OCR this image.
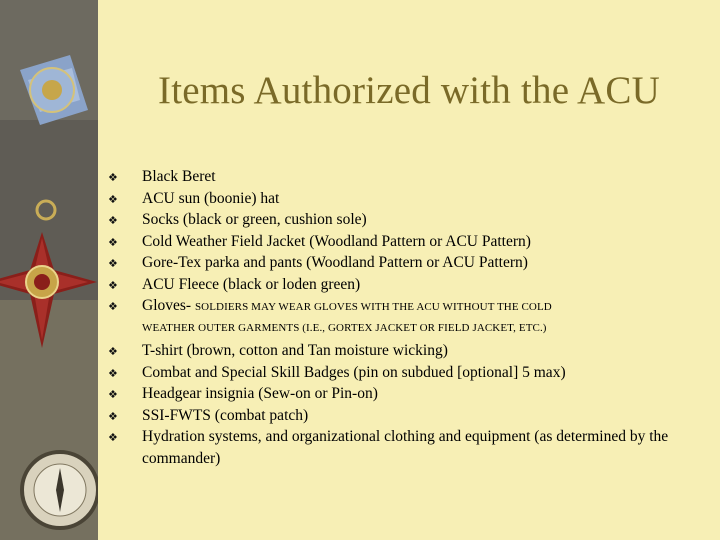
Items Authorized with the ACU
❖ Black Beret
❖ ACU sun (boonie) hat
❖ Socks (black or green, cushion sole)
❖ Cold Weather Field Jacket (Woodland Pattern or ACU Pattern)
❖ Gore-Tex parka and pants (Woodland Pattern or ACU Pattern)
❖ ACU Fleece (black or loden green)
❖ Gloves- SOLDIERS MAY WEAR GLOVES WITH THE ACU WITHOUT THE COLD
WEATHER OUTER GARMENTS (I.E., GORTEX JACKET OR FIELD JACKET, ETC.)
❖ T-shirt (brown, cotton and Tan moisture wicking)
❖ Combat and Special Skill Badges (pin on subdued [optional] 5 max)
❖ Headgear insignia (Sew-on or Pin-on)
❖ SSI-FWTS (combat patch)
❖ Hydration systems, and organizational clothing and equipment (as determined by the commander)
